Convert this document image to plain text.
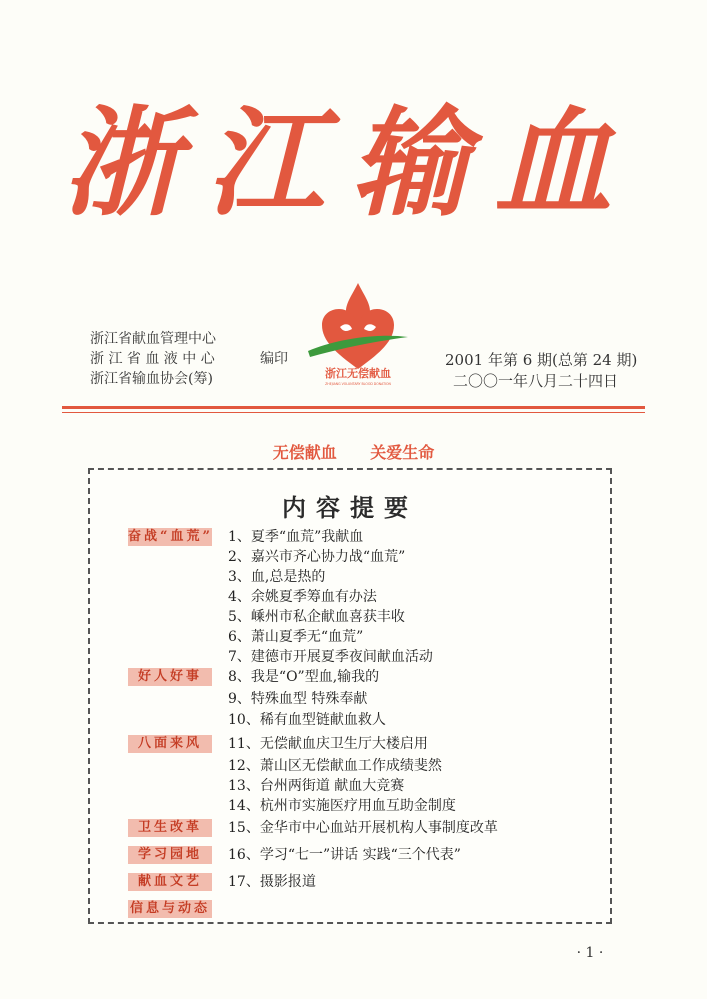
浙江输血
浙江省献血管理中心
浙 江 省 血 液 中 心
浙江省输血协会(筹)
编印
浙江无偿献血
ZHEJIANG VOLUNTARY BLOOD DONATION
2001 年第 6 期(总第 24 期)
二〇〇一年八月二十四日
无偿献血      关爱生命
内容提要
奋战“血荒”
好人好事
八面来风
卫生改革
学习园地
献血文艺
信息与动态
1、夏季“血荒”我献血
2、嘉兴市齐心协力战“血荒”
3、血,总是热的
4、余姚夏季筹血有办法
5、嵊州市私企献血喜获丰收
6、萧山夏季无“血荒”
7、建德市开展夏季夜间献血活动
8、我是“O”型血,输我的
9、特殊血型 特殊奉献
10、稀有血型链献血救人
11、无偿献血庆卫生厅大楼启用
12、萧山区无偿献血工作成绩斐然
13、台州两街道 献血大竞赛
14、杭州市实施医疗用血互助金制度
15、金华市中心血站开展机构人事制度改革
16、学习“七一”讲话 实践“三个代表”
17、摄影报道
· 1 ·
